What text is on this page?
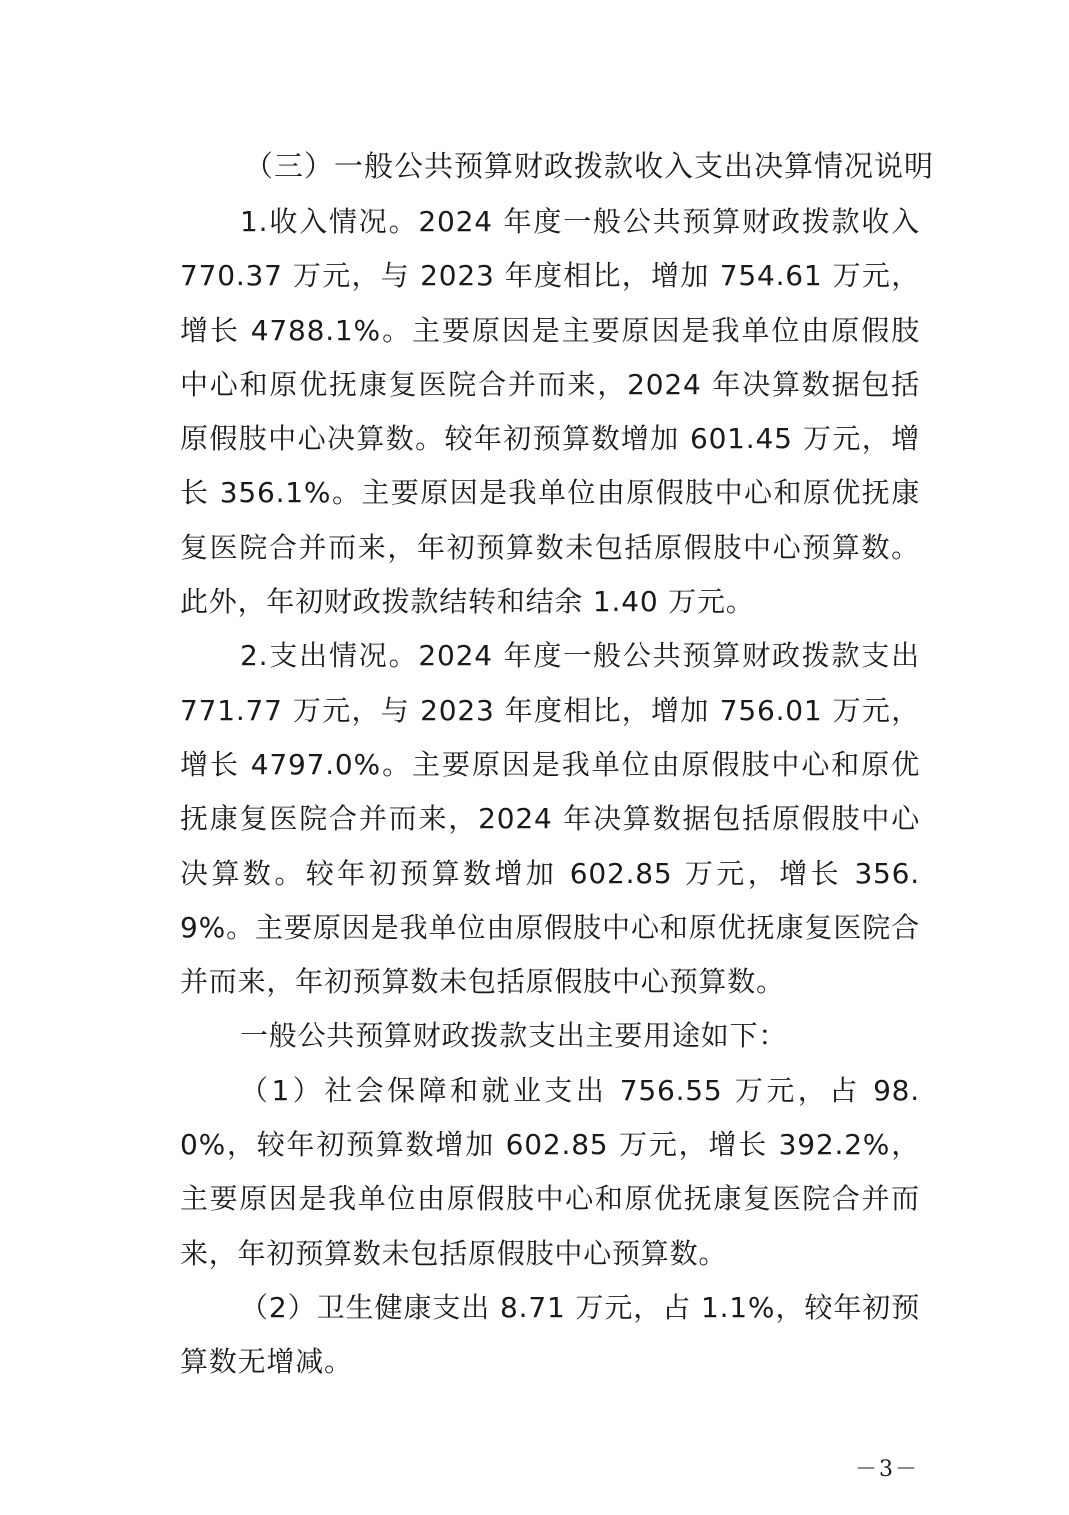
（三）一般公共预算财政拨款收入支出决算情况说明

1.收入情况。2024 年度一般公共预算财政拨款收入 770.37 万元，与 2023 年度相比，增加 754.61 万元，增长 4788.1%。主要原因是主要原因是我单位由原假肢中心和原优抚康复医院合并而来，2024 年决算数据包括原假肢中心决算数。较年初预算数增加 601.45 万元，增长 356.1%。主要原因是我单位由原假肢中心和原优抚康复医院合并而来，年初预算数未包括原假肢中心预算数。此外，年初财政拨款结转和结余 1.40 万元。

2.支出情况。2024 年度一般公共预算财政拨款支出 771.77 万元，与 2023 年度相比，增加 756.01 万元，增长 4797.0%。主要原因是我单位由原假肢中心和原优抚康复医院合并而来，2024 年决算数据包括原假肢中心决算数。较年初预算数增加 602.85 万元，增长 356.9%。主要原因是我单位由原假肢中心和原优抚康复医院合并而来，年初预算数未包括原假肢中心预算数。

一般公共预算财政拨款支出主要用途如下：

（1）社会保障和就业支出 756.55 万元，占 98.0%，较年初预算数增加 602.85 万元，增长 392.2%，主要原因是我单位由原假肢中心和原优抚康复医院合并而来，年初预算数未包括原假肢中心预算数。

（2）卫生健康支出 8.71 万元，占 1.1%，较年初预算数无增减。

－3－
